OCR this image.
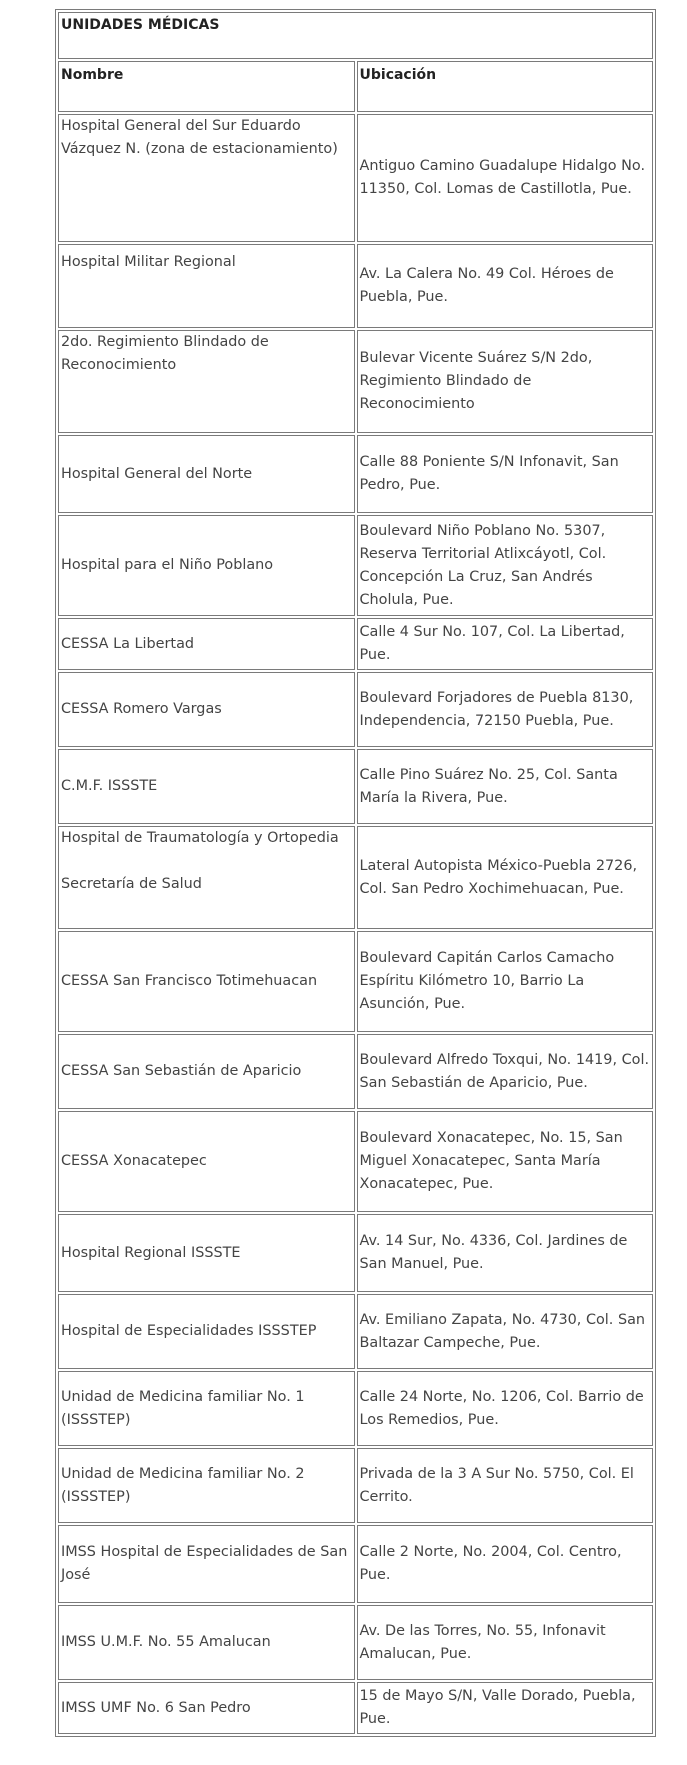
UNIDADES MÉDICAS	
Nombre	Ubicación

Hospital General del Sur Eduardo Vázquez N. (zona de estacionamiento)	Antiguo Camino Guadalupe Hidalgo No. 11350, Col. Lomas de Castillotla, Pue.

Hospital Militar Regional	Av. La Calera No. 49 Col. Héroes de Puebla, Pue.

2do. Regimiento Blindado de Reconocimiento	Bulevar Vicente Suárez S/N 2do, Regimiento Blindado de Reconocimiento

Hospital General del Norte	Calle 88 Poniente S/N Infonavit, San Pedro, Pue.

Hospital para el Niño Poblano	Boulevard Niño Poblano No. 5307, Reserva Territorial Atlixcáyotl, Col. Concepción La Cruz, San Andrés Cholula, Pue.

CESSA La Libertad	Calle 4 Sur No. 107, Col. La Libertad, Pue.

CESSA Romero Vargas	Boulevard Forjadores de Puebla 8130, Independencia, 72150 Puebla, Pue.

C.M.F. ISSSTE	Calle Pino Suárez No. 25, Col. Santa María la Rivera, Pue.

Hospital de Traumatología y Ortopedia
Secretaría de Salud	Lateral Autopista México-Puebla 2726, Col. San Pedro Xochimehuacan, Pue.

CESSA San Francisco Totimehuacan	Boulevard Capitán Carlos Camacho Espíritu Kilómetro 10, Barrio La Asunción, Pue.

CESSA San Sebastián de Aparicio	Boulevard Alfredo Toxqui, No. 1419, Col. San Sebastián de Aparicio, Pue.

CESSA Xonacatepec	Boulevard Xonacatepec, No. 15, San Miguel Xonacatepec, Santa María Xonacatepec, Pue.

Hospital Regional ISSSTE	Av. 14 Sur, No. 4336, Col. Jardines de San Manuel, Pue.

Hospital de Especialidades ISSSTEP	Av. Emiliano Zapata, No. 4730, Col. San Baltazar Campeche, Pue.

Unidad de Medicina familiar No. 1 (ISSSTEP)	Calle 24 Norte, No. 1206, Col. Barrio de Los Remedios, Pue.

Unidad de Medicina familiar No. 2 (ISSSTEP)	Privada de la 3 A Sur No. 5750, Col. El Cerrito.

IMSS Hospital de Especialidades de San José	Calle 2 Norte, No. 2004, Col. Centro, Pue.

IMSS U.M.F. No. 55 Amalucan	Av. De las Torres, No. 55, Infonavit Amalucan, Pue.

IMSS UMF No. 6 San Pedro	15 de Mayo S/N, Valle Dorado, Puebla, Pue.
